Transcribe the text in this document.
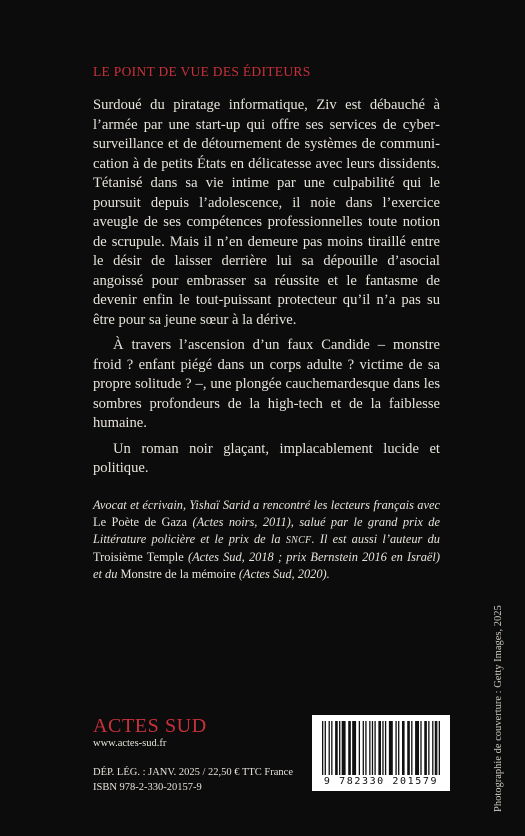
LE POINT DE VUE DES ÉDITEURS

Surdoué du piratage informatique, Ziv est débauché à l’armée par une start-up qui offre ses services de cybersurveillance et de détournement de systèmes de communication à de petits États en délicatesse avec leurs dissidents. Tétanisé dans sa vie intime par une culpabilité qui le poursuit depuis l’adolescence, il noie dans l’exercice aveugle de ses compétences professionnelles toute notion de scrupule. Mais il n’en demeure pas moins tiraillé entre le désir de laisser derrière lui sa dépouille d’asocial angoissé pour embrasser sa réussite et le fantasme de devenir enfin le tout-puissant protecteur qu’il n’a pas su être pour sa jeune sœur à la dérive.

À travers l’ascension d’un faux Candide – monstre froid ? enfant piégé dans un corps adulte ? victime de sa propre solitude ? –, une plongée cauchemardesque dans les sombres profondeurs de la high-tech et de la faiblesse humaine.

Un roman noir glaçant, implacablement lucide et politique.

Avocat et écrivain, Yishaï Sarid a rencontré les lecteurs français avec Le Poète de Gaza (Actes noirs, 2011), salué par le grand prix de Littérature policière et le prix de la SNCF. Il est aussi l’auteur du Troisième Temple (Actes Sud, 2018 ; prix Bernstein 2016 en Israël) et du Monstre de la mémoire (Actes Sud, 2020).
ACTES SUD
www.actes-sud.fr
DÉP. LÉG. : JANV. 2025 / 22,50 € TTC France
ISBN 978-2-330-20157-9
9 782330 201579	Photographie de couverture : Getty Images, 2025
